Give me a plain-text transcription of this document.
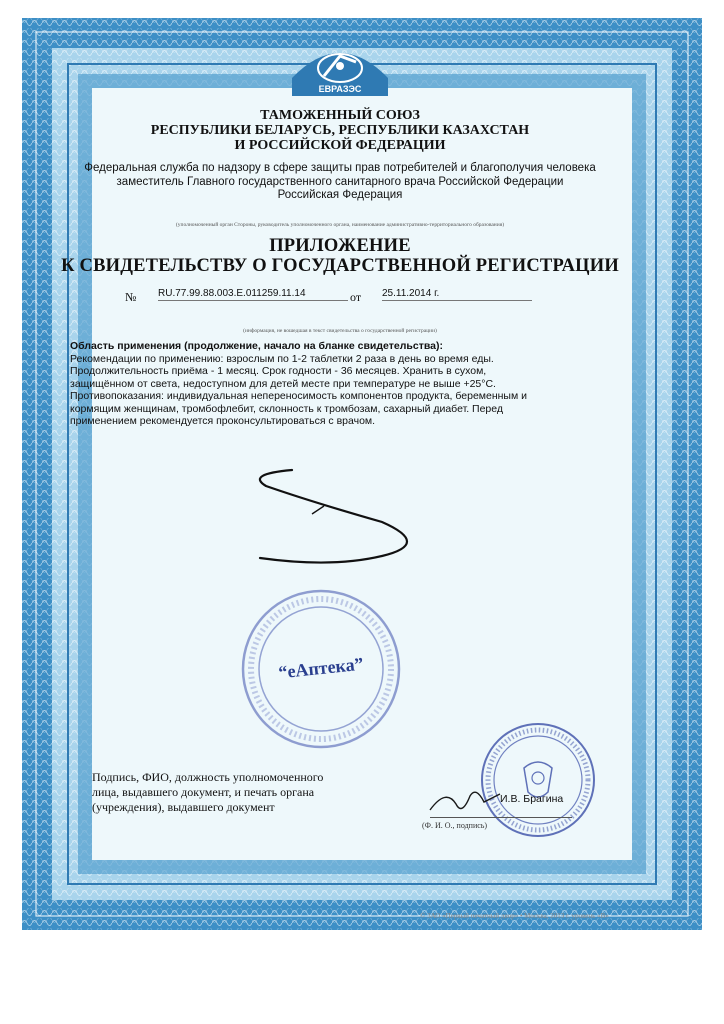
ЕВРАЗЭС
ТАМОЖЕННЫЙ СОЮЗ
РЕСПУБЛИКИ БЕЛАРУСЬ, РЕСПУБЛИКИ КАЗАХСТАН
И РОССИЙСКОЙ ФЕДЕРАЦИИ
Федеральная служба по надзору в сфере защиты прав потребителей и благополучия человека
заместитель Главного государственного санитарного врача Российской Федерации
Российская Федерация
(уполномоченный орган Стороны, руководитель уполномоченного органа, наименование административно-территориального образования)
ПРИЛОЖЕНИЕ
К СВИДЕТЕЛЬСТВУ О ГОСУДАРСТВЕННОЙ РЕГИСТРАЦИИ
№ RU.77.99.88.003.E.011259.11.14	от 25.11.2014 г.
(информация, не вошедшая в текст свидетельства о государственной регистрации)
Область применения (продолжение, начало на бланке свидетельства):
Рекомендации по применению: взрослым по 1-2 таблетки 2 раза в день во время еды.
Продолжительность приёма - 1 месяц. Срок годности - 36 месяцев. Хранить в сухом,
защищённом от света, недоступном для детей месте при температуре не выше +25°С.
Противопоказания: индивидуальная непереносимость компонентов продукта, беременным и
кормящим женщинам, тромбофлебит, склонность к тромбозам, сахарный диабет. Перед
применением рекомендуется проконсультироваться с врачом.
“еАптека”
Подпись, ФИО, должность уполномоченного
лица, выдавшего документ, и печать органа
(учреждения), выдавшего документ
И.В. Брагина
(Ф. И. О., подпись)
© ЗАО «Первый печатный двор» • Москва, 2013 г. уровень «В»
